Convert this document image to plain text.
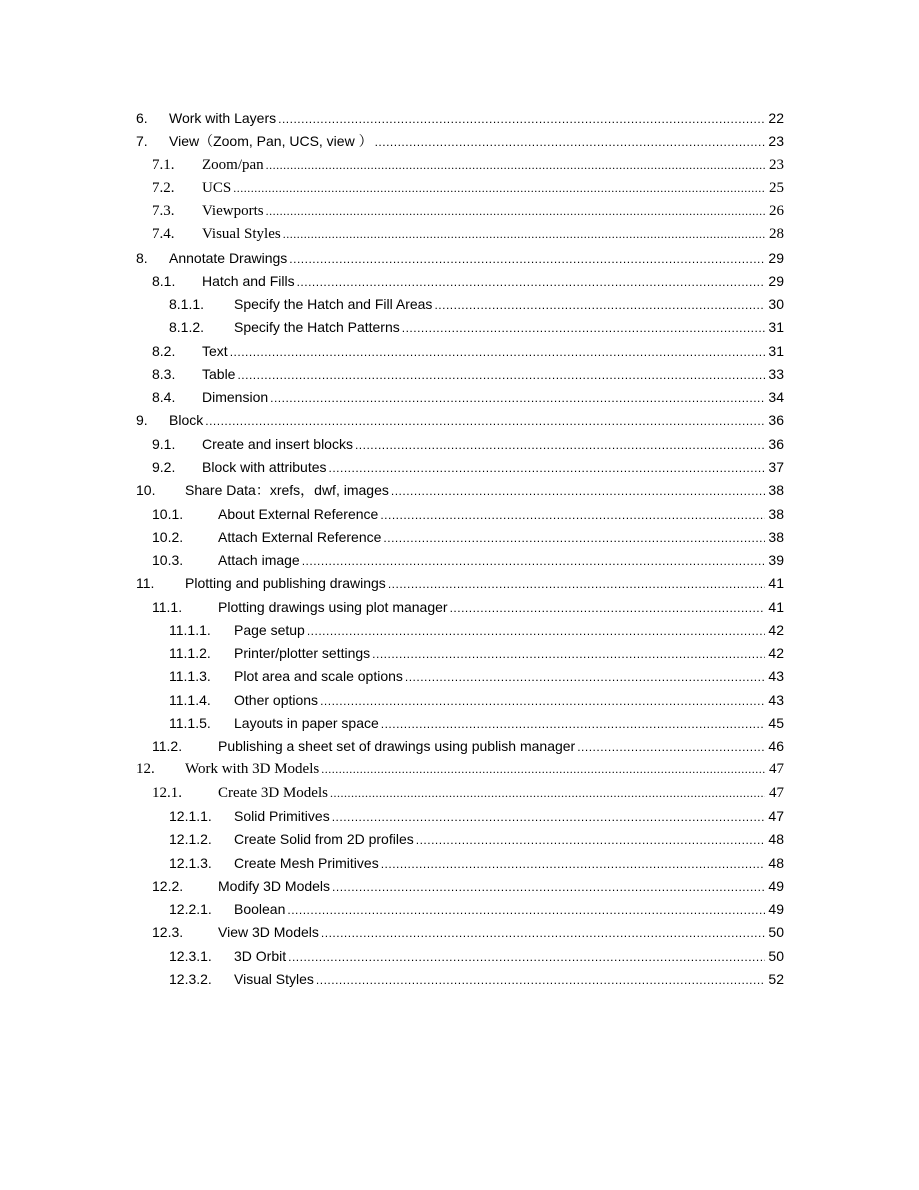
6.	Work with Layers .....	22
7.	View（Zoom, Pan, UCS, view ） .....	23
7.1.	Zoom/pan .....	23
7.2.	UCS .....	25
7.3.	Viewports .....	26
7.4.	Visual Styles .....	28
8.	Annotate Drawings .....	29
8.1.	Hatch and Fills .....	29
8.1.1.	Specify the Hatch and Fill Areas .....	30
8.1.2.	Specify the Hatch Patterns .....	31
8.2.	Text .....	31
8.3.	Table .....	33
8.4.	Dimension .....	34
9.	Block .....	36
9.1.	Create and insert blocks .....	36
9.2.	Block with attributes .....	37
10.	Share Data：xrefs，dwf, images .....	38
10.1.	About External Reference .....	38
10.2.	Attach External Reference .....	38
10.3.	Attach image .....	39
11.	Plotting and publishing drawings .....	41
11.1.	Plotting drawings using plot manager .....	41
11.1.1.	Page setup .....	42
11.1.2.	Printer/plotter settings .....	42
11.1.3.	Plot area and scale options .....	43
11.1.4.	Other options .....	43
11.1.5.	Layouts in paper space .....	45
11.2.	Publishing a sheet set of drawings using publish manager .....	46
12.	Work with 3D Models .....	47
12.1.	Create 3D Models .....	47
12.1.1.	Solid Primitives .....	47
12.1.2.	Create Solid from 2D profiles .....	48
12.1.3.	Create Mesh Primitives .....	48
12.2.	Modify 3D Models .....	49
12.2.1.	Boolean .....	49
12.3.	View 3D Models .....	50
12.3.1.	3D Orbit .....	50
12.3.2.	Visual Styles .....	52
